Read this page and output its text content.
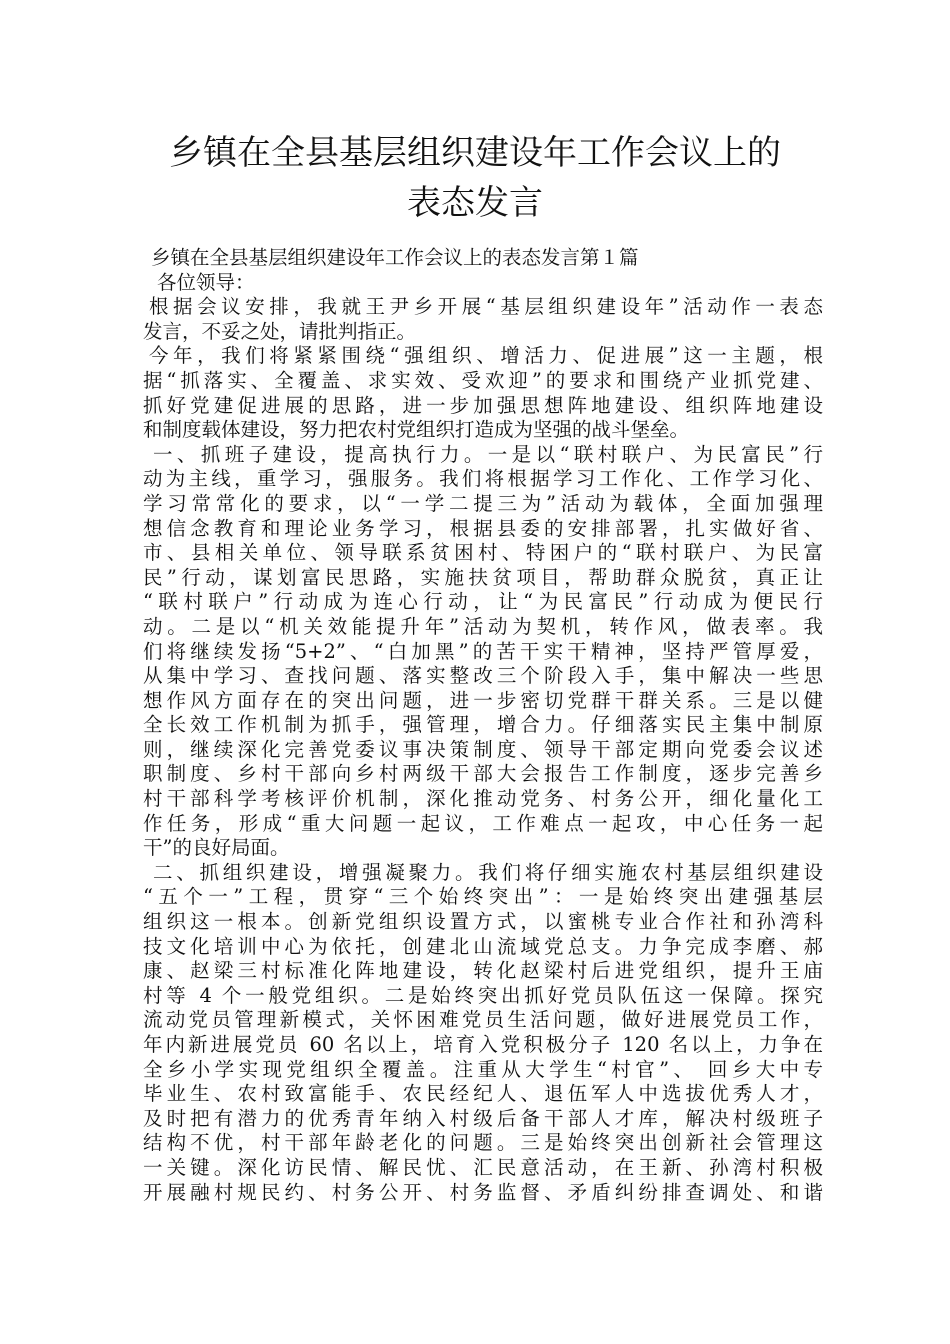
乡镇在全县基层组织建设年工作会议上的
表态发言
乡镇在全县基层组织建设年工作会议上的表态发言第１篇
各位领导：
根据会议安排，我就王尹乡开展“基层组织建设年”活动作一表态
发言，不妥之处，请批判指正。
今年，我们将紧紧围绕“强组织、增活力、促进展”这一主题，根
据“抓落实、全覆盖、求实效、受欢迎”的要求和围绕产业抓党建、
抓好党建促进展的思路，进一步加强思想阵地建设、组织阵地建设
和制度载体建设，努力把农村党组织打造成为坚强的战斗堡垒。
一、抓班子建设，提高执行力。一是以“联村联户、为民富民”行
动为主线，重学习，强服务。我们将根据学习工作化、工作学习化、
学习常常化的要求，以“一学二提三为”活动为载体，全面加强理
想信念教育和理论业务学习，根据县委的安排部署，扎实做好省、
市、县相关单位、领导联系贫困村、特困户的“联村联户、为民富
民”行动，谋划富民思路，实施扶贫项目，帮助群众脱贫，真正让
“联村联户”行动成为连心行动，让“为民富民”行动成为便民行
动。二是以“机关效能提升年”活动为契机，转作风，做表率。我
们将继续发扬“5+2”、“白加黑”的苦干实干精神，坚持严管厚爱，
从集中学习、查找问题、落实整改三个阶段入手，集中解决一些思
想作风方面存在的突出问题，进一步密切党群干群关系。三是以健
全长效工作机制为抓手，强管理，增合力。仔细落实民主集中制原
则，继续深化完善党委议事决策制度、领导干部定期向党委会议述
职制度、乡村干部向乡村两级干部大会报告工作制度，逐步完善乡
村干部科学考核评价机制，深化推动党务、村务公开，细化量化工
作任务，形成“重大问题一起议，工作难点一起攻，中心任务一起
干”的良好局面。
二、抓组织建设，增强凝聚力。我们将仔细实施农村基层组织建设
“五个一”工程，贯穿“三个始终突出”：一是始终突出建强基层
组织这一根本。创新党组织设置方式，以蜜桃专业合作社和孙湾科
技文化培训中心为依托，创建北山流域党总支。力争完成李磨、郝
康、赵梁三村标准化阵地建设，转化赵梁村后进党组织，提升王庙
村等 4 个一般党组织。二是始终突出抓好党员队伍这一保障。探究
流动党员管理新模式，关怀困难党员生活问题，做好进展党员工作，
年内新进展党员 60 名以上，培育入党积极分子 120 名以上，力争在
全乡小学实现党组织全覆盖。注重从大学生“村官”、 回乡大中专
毕业生、农村致富能手、农民经纪人、退伍军人中选拔优秀人才，
及时把有潜力的优秀青年纳入村级后备干部人才库，解决村级班子
结构不优，村干部年龄老化的问题。三是始终突出创新社会管理这
一关键。深化访民情、解民忧、汇民意活动，在王新、孙湾村积极
开展融村规民约、村务公开、村务监督、矛盾纠纷排查调处、和谐
